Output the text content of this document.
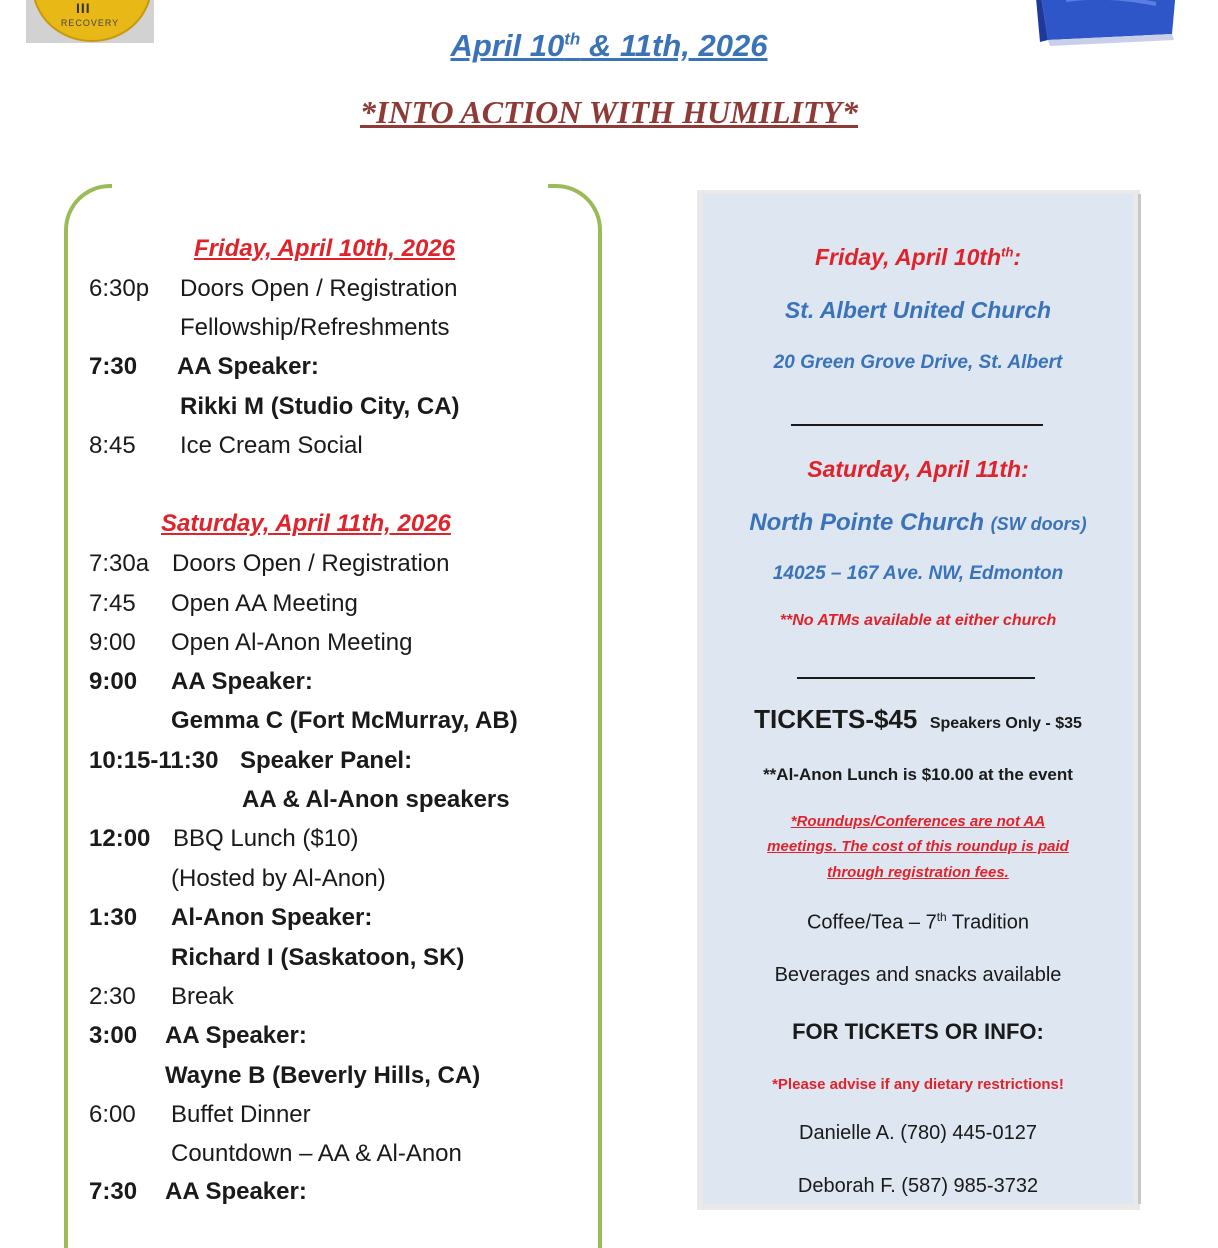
III
RECOVERY
April 10th & 11th, 2026
*INTO ACTION WITH HUMILITY*
Friday, April 10th, 2026
6:30p Doors Open / Registration
Fellowship/Refreshments
7:30 AA Speaker:
Rikki M (Studio City, CA)
8:45 Ice Cream Social
Saturday, April 11th, 2026
7:30a Doors Open / Registration
7:45 Open AA Meeting
9:00 Open Al-Anon Meeting
9:00 AA Speaker:
Gemma C (Fort McMurray, AB)
10:15-11:30 Speaker Panel:
AA & Al-Anon speakers
12:00 BBQ Lunch ($10)
(Hosted by Al-Anon)
1:30 Al-Anon Speaker:
Richard I (Saskatoon, SK)
2:30 Break
3:00 AA Speaker:
Wayne B (Beverly Hills, CA)
6:00 Buffet Dinner
Countdown – AA & Al-Anon
7:30 AA Speaker:
Friday, April $10th^{th}$:
St. Albert United Church
20 Green Grove Drive, St. Albert
Saturday, April 11th:
North Pointe Church (SW doors)
14025 – 167 Ave. NW, Edmonton
**No ATMs available at either church
TICKETS-$45 Speakers Only - $35
**Al-Anon Lunch is $10.00 at the event
*Roundups/Conferences are not AA
meetings. The cost of this roundup is paid
through registration fees.
Coffee/Tea – 7th Tradition
Beverages and snacks available
FOR TICKETS OR INFO:
*Please advise if any dietary restrictions!
Danielle A. (780) 445-0127
Deborah F. (587) 985-3732
